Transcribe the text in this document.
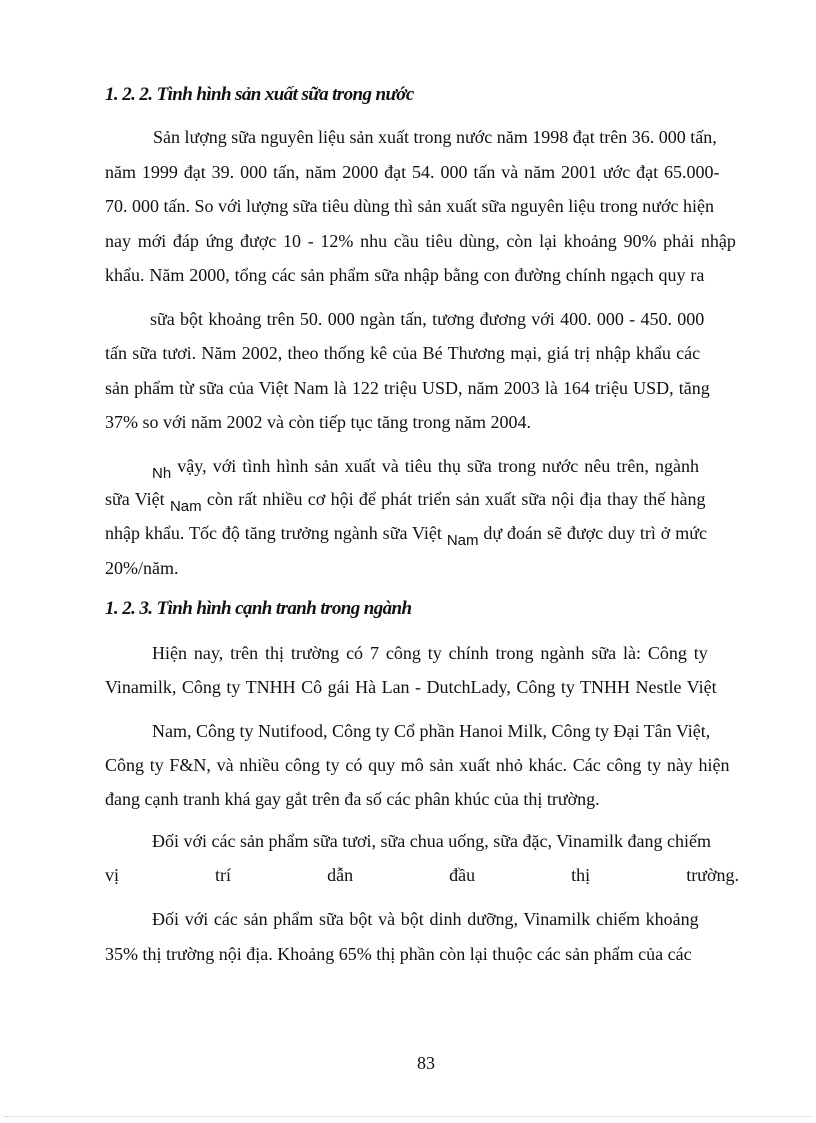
1. 2. 2. Tình hình sản xuất sữa trong nước

Sản lượng sữa nguyên liệu sản xuất trong nước năm 1998 đạt trên 36. 000 tấn,

năm 1999 đạt 39. 000 tấn, năm 2000 đạt 54. 000 tấn và năm 2001 ước đạt 65.000-

70. 000 tấn. So với lượng sữa tiêu dùng thì sản xuất sữa nguyên liệu trong nước hiện

nay mới đáp ứng được 10 - 12% nhu cầu tiêu dùng, còn lại khoảng 90% phải nhập

khẩu. Năm 2000, tổng các sản phẩm sữa nhập bằng con đường chính ngạch quy ra

sữa bột khoảng trên 50. 000 ngàn tấn, tương đương với 400. 000 - 450. 000

tấn sữa tươi. Năm 2002, theo thống kê của Bé Thương mại, giá trị nhập khẩu các

sản phẩm từ sữa của Việt Nam là 122 triệu USD, năm 2003 là 164 triệu USD, tăng

37% so với năm 2002 và còn tiếp tục tăng trong năm 2004.

Nh vậy, với tình hình sản xuất và tiêu thụ sữa trong nước nêu trên, ngành

sữa Việt Nam còn rất nhiều cơ hội để phát triển sản xuất sữa nội địa thay thế hàng

nhập khẩu. Tốc độ tăng trưởng ngành sữa Việt Nam dự đoán sẽ được duy trì ở mức

20%/năm.

1. 2. 3. Tình hình cạnh tranh trong ngành

Hiện nay, trên thị trường có 7 công ty chính trong ngành sữa là: Công ty

Vinamilk, Công ty TNHH Cô gái Hà Lan - DutchLady, Công ty TNHH Nestle Việt

Nam, Công ty Nutifood, Công ty Cổ phần Hanoi Milk, Công ty Đại Tân Việt,

Công ty F&N, và nhiều công ty có quy mô sản xuất nhỏ khác. Các công ty này hiện

đang cạnh tranh khá gay gắt trên đa số các phân khúc của thị trường.

Đối với các sản phẩm sữa tươi, sữa chua uống, sữa đặc, Vinamilk đang chiếm

vị	trí	dẫn	đầu	thị	trường.

Đối với các sản phẩm sữa bột và bột dinh dưỡng, Vinamilk chiếm khoảng

35% thị trường nội địa. Khoảng 65% thị phần còn lại thuộc các sản phẩm của các

83
